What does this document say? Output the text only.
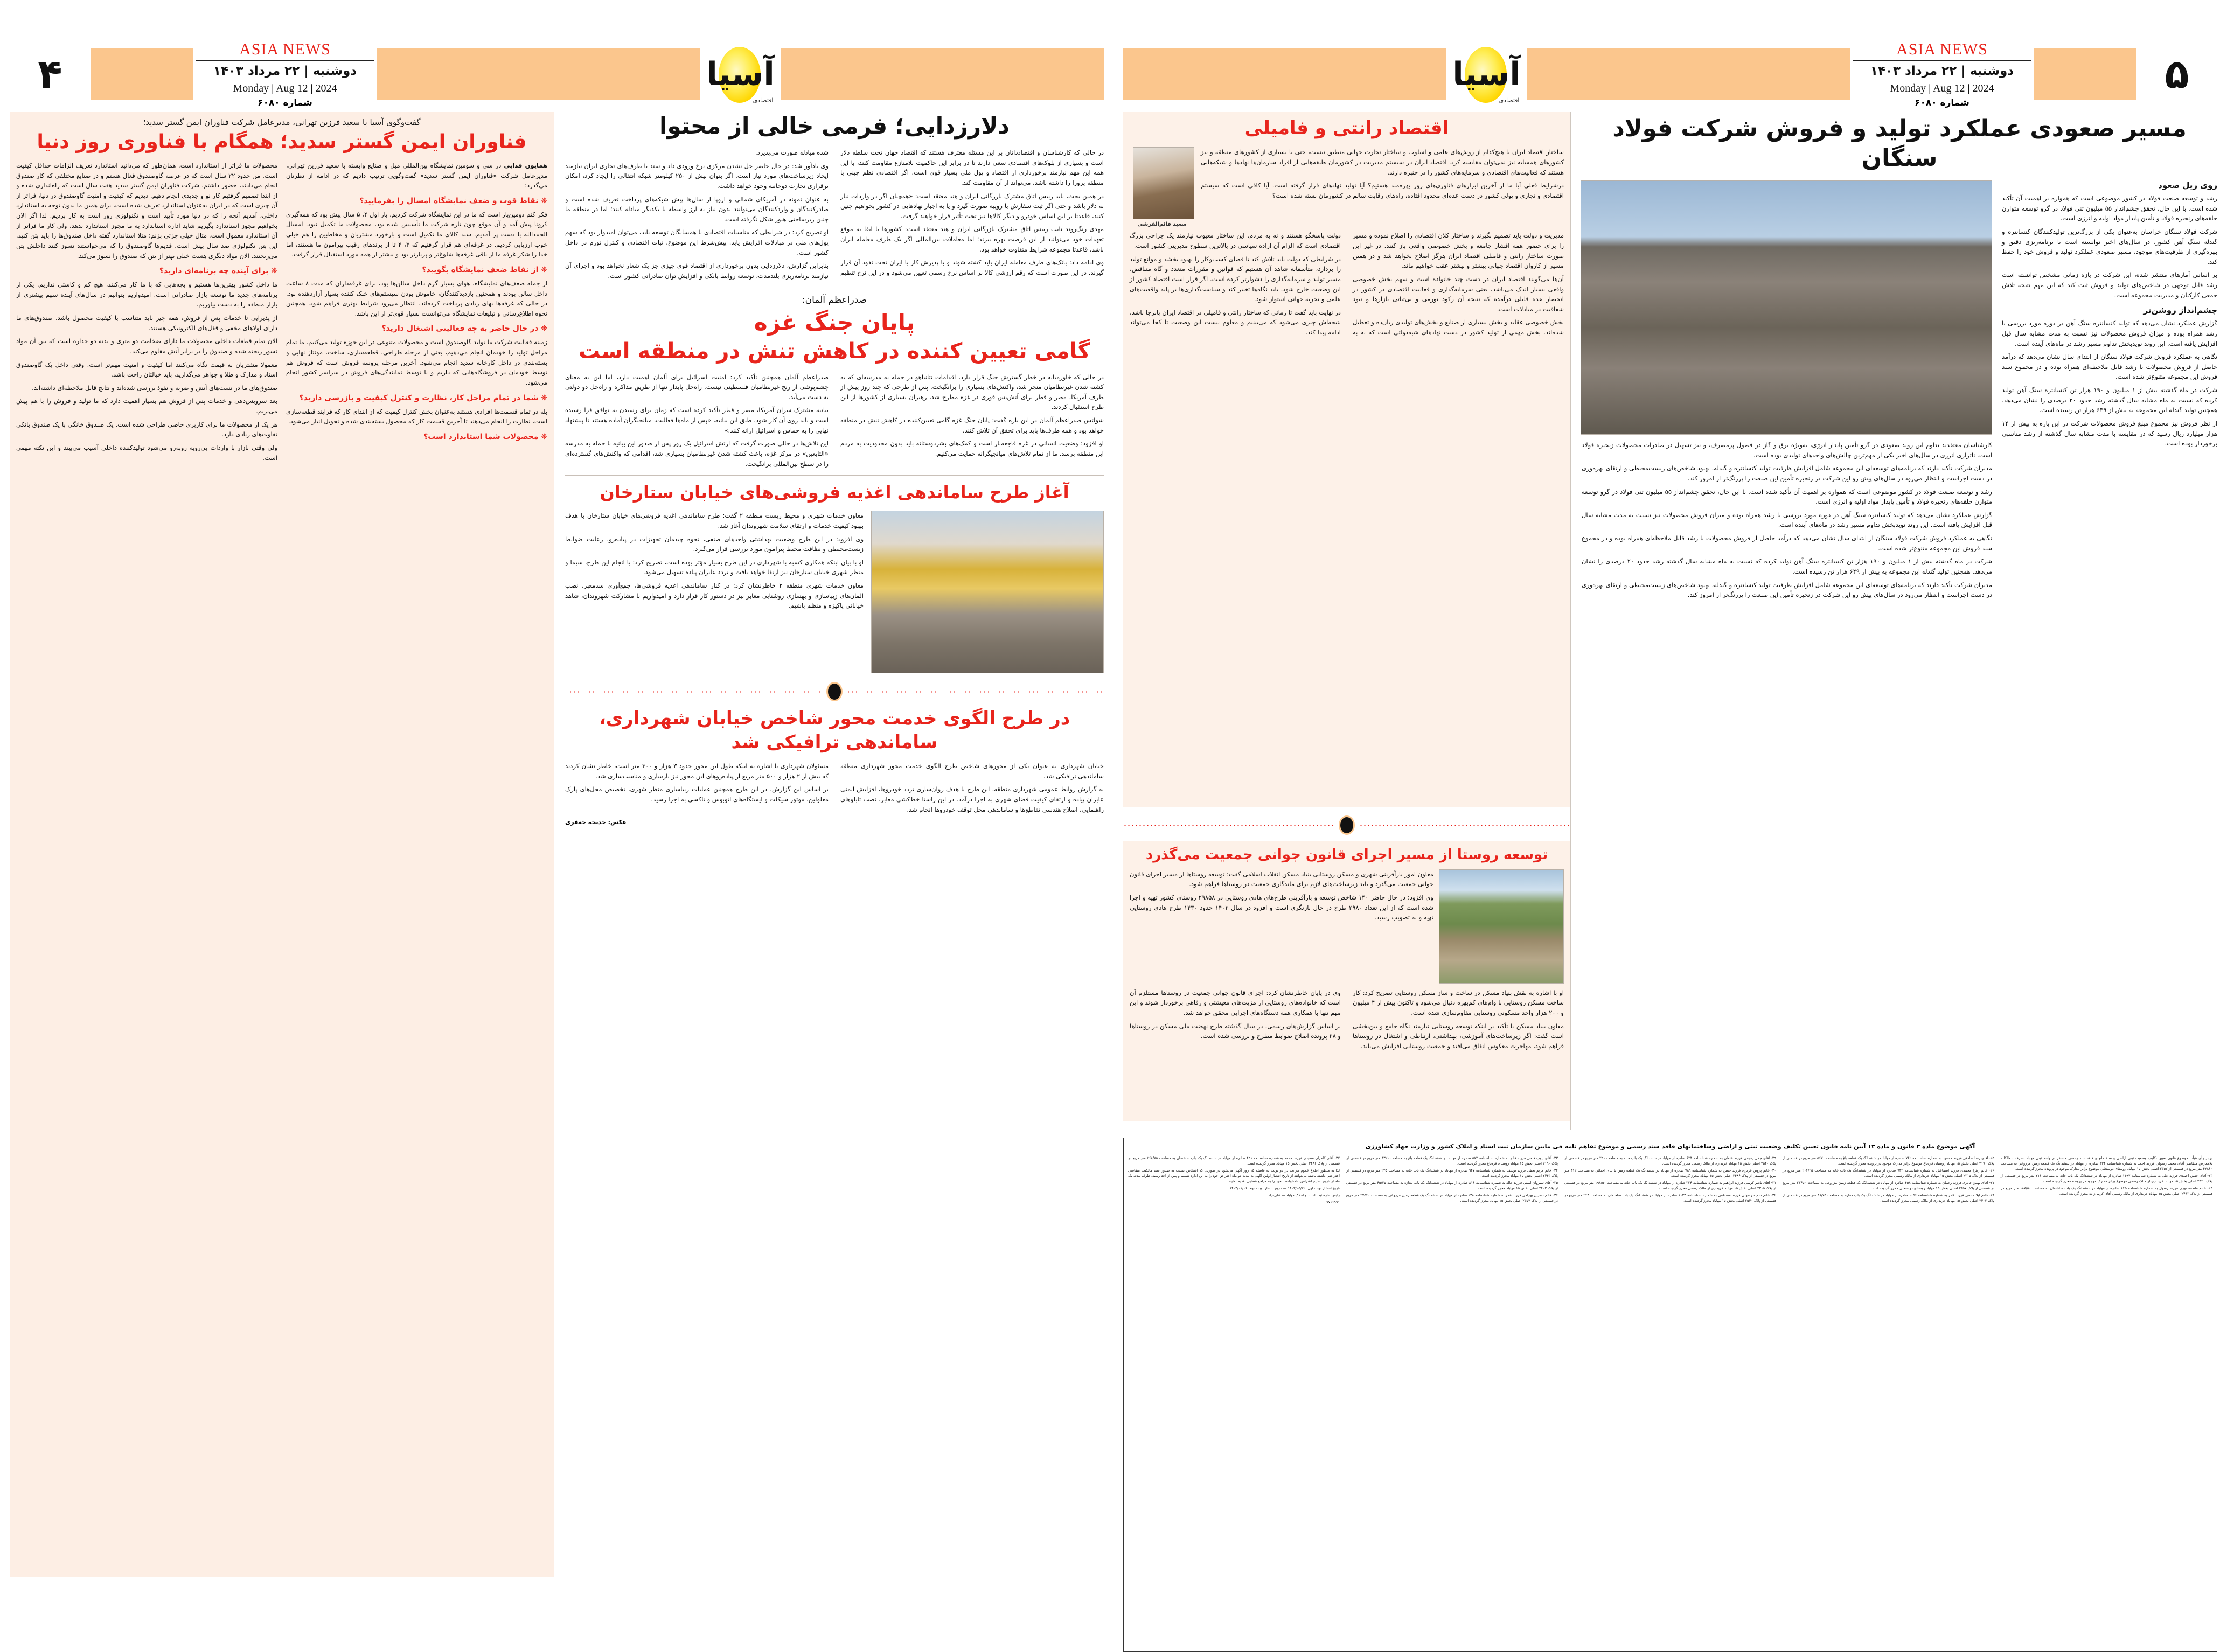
۵
ASIA NEWS
دوشنبه | ۲۲ مرداد ۱۴۰۳
Monday | Aug 12 | 2024
شماره ۶۰۸۰
آسیا
اقتصادی
مسیر صعودی عملکرد تولید و فروش شرکت فولاد سنگان
روی ریل صعود

رشد و توسعه صنعت فولاد در کشور موضوعی است که همواره بر اهمیت آن تأکید شده است. با این حال، تحقق چشم‌انداز ۵۵ میلیون تنی فولاد در گرو توسعه متوازن حلقه‌های زنجیره فولاد و تأمین پایدار مواد اولیه و انرژی است.

شرکت فولاد سنگان خراسان به‌عنوان یکی از بزرگ‌ترین تولیدکنندگان کنسانتره و گندله سنگ آهن کشور، در سال‌های اخیر توانسته است با برنامه‌ریزی دقیق و بهره‌گیری از ظرفیت‌های موجود، مسیر صعودی عملکرد تولید و فروش خود را حفظ کند.

بر اساس آمارهای منتشر شده، این شرکت در بازه زمانی مشخص توانسته است رشد قابل توجهی در شاخص‌های تولید و فروش ثبت کند که این مهم نتیجه تلاش جمعی کارکنان و مدیریت مجموعه است.

چشم‌انداز روشن‌تر

گزارش عملکرد نشان می‌دهد که تولید کنسانتره سنگ آهن در دوره مورد بررسی با رشد همراه بوده و میزان فروش محصولات نیز نسبت به مدت مشابه سال قبل افزایش یافته است. این روند نویدبخش تداوم مسیر رشد در ماه‌های آینده است.

نگاهی به عملکرد فروش شرکت فولاد سنگان از ابتدای سال نشان می‌دهد که درآمد حاصل از فروش محصولات با رشد قابل ملاحظه‌ای همراه بوده و در مجموع سبد فروش این مجموعه متنوع‌تر شده است.

شرکت در ماه گذشته بیش از ۱ میلیون و ۱۹۰ هزار تن کنسانتره سنگ آهن تولید کرده که نسبت به ماه مشابه سال گذشته رشد حدود ۲۰ درصدی را نشان می‌دهد. همچنین تولید گندله این مجموعه به بیش از ۶۴۹ هزار تن رسیده است.

از نظر فروش نیز مجموع مبلغ فروش محصولات شرکت در این بازه به بیش از ۱۴ هزار میلیارد ریال رسید که در مقایسه با مدت مشابه سال گذشته از رشد مناسبی برخوردار بوده است.

کارشناسان معتقدند تداوم این روند صعودی در گرو تأمین پایدار انرژی، به‌ویژه برق و گاز در فصول پرمصرف، و نیز تسهیل در صادرات محصولات زنجیره فولاد است. ناترازی انرژی در سال‌های اخیر یکی از مهم‌ترین چالش‌های واحدهای تولیدی بوده است.

مدیران شرکت تأکید دارند که برنامه‌های توسعه‌ای این مجموعه شامل افزایش ظرفیت تولید کنسانتره و گندله، بهبود شاخص‌های زیست‌محیطی و ارتقای بهره‌وری در دست اجراست و انتظار می‌رود در سال‌های پیش رو این شرکت در زنجیره تأمین این صنعت را پررنگ‌تر از امروز کند.

رشد و توسعه صنعت فولاد در کشور موضوعی است که همواره بر اهمیت آن تأکید شده است. با این حال، تحقق چشم‌انداز ۵۵ میلیون تنی فولاد در گرو توسعه متوازن حلقه‌های زنجیره فولاد و تأمین پایدار مواد اولیه و انرژی است.

گزارش عملکرد نشان می‌دهد که تولید کنسانتره سنگ آهن در دوره مورد بررسی با رشد همراه بوده و میزان فروش محصولات نیز نسبت به مدت مشابه سال قبل افزایش یافته است. این روند نویدبخش تداوم مسیر رشد در ماه‌های آینده است.

نگاهی به عملکرد فروش شرکت فولاد سنگان از ابتدای سال نشان می‌دهد که درآمد حاصل از فروش محصولات با رشد قابل ملاحظه‌ای همراه بوده و در مجموع سبد فروش این مجموعه متنوع‌تر شده است.

شرکت در ماه گذشته بیش از ۱ میلیون و ۱۹۰ هزار تن کنسانتره سنگ آهن تولید کرده که نسبت به ماه مشابه سال گذشته رشد حدود ۲۰ درصدی را نشان می‌دهد. همچنین تولید گندله این مجموعه به بیش از ۶۴۹ هزار تن رسیده است.

مدیران شرکت تأکید دارند که برنامه‌های توسعه‌ای این مجموعه شامل افزایش ظرفیت تولید کنسانتره و گندله، بهبود شاخص‌های زیست‌محیطی و ارتقای بهره‌وری در دست اجراست و انتظار می‌رود در سال‌های پیش رو این شرکت در زنجیره تأمین این صنعت را پررنگ‌تر از امروز کند.

اقتصاد رانتی و فامیلی

ساختار اقتصاد ایران با هیچ‌کدام از روش‌های علمی و اسلوب و ساختار تجارت جهانی منطبق نیست، حتی با بسیاری از کشورهای منطقه و نیز کشورهای همسایه نیز نمی‌توان مقایسه کرد. اقتصاد ایران در سیستم مدیریت در کشورمان طبقه‌هایی از افراد سازمان‌ها نهادها و شبکه‌هایی هستند که فعالیت‌های اقتصادی و سرمایه‌های کشور را در چنبره دارند.

درشرایط فعلی آیا ما از آخرین ابزارهای فناوری‌های روز بهره‌مند هستیم؟ آیا تولید نهادهای قرار گرفته است. آیا کافی است که سیستم اقتصادی و تجاری و پولی کشور در دست عده‌ای محدود افتاده، راه‌های رقابت سالم در کشورمان بسته شده است؟

سعید قائم‌الفرشی

مدیریت و دولت باید تصمیم بگیرند و ساختار کلان اقتصادی را اصلاح نموده و مسیر را برای حضور همه اقشار جامعه و بخش خصوصی واقعی باز کنند. در غیر این صورت ساختار رانتی و فامیلی اقتصاد ایران هرگز اصلاح نخواهد شد و در همین مسیر از کاروان اقتصاد جهانی بیشتر و بیشتر عقب خواهیم ماند.

آن‌ها می‌گویند اقتصاد ایران در دست چند خانواده است و سهم بخش خصوصی واقعی بسیار اندک می‌باشد، یعنی سرمایه‌گذاری و فعالیت اقتصادی در کشور در انحصار عده قلیلی درآمده که نتیجه آن رکود تورمی و بی‌ثباتی بازارها و نبود شفافیت در مبادلات است.

بخش خصوصی عقاید و بخش بسیاری از صنایع و بخش‌های تولیدی زیان‌ده و تعطیل شده‌اند. بخش مهمی از تولید کشور در دست نهادهای شبه‌دولتی است که نه به دولت پاسخگو هستند و نه به مردم. این ساختار معیوب نیازمند یک جراحی بزرگ اقتصادی است که الزام آن اراده سیاسی در بالاترین سطوح مدیریتی کشور است.

در شرایطی که دولت باید تلاش کند تا فضای کسب‌وکار را بهبود بخشد و موانع تولید را بردارد، متأسفانه شاهد آن هستیم که قوانین و مقررات متعدد و گاه متناقض، مسیر تولید و سرمایه‌گذاری را دشوارتر کرده است. اگر قرار است اقتصاد کشور از این وضعیت خارج شود، باید نگاه‌ها تغییر کند و سیاست‌گذاری‌ها بر پایه واقعیت‌های علمی و تجربه جهانی استوار شود.

در نهایت باید گفت تا زمانی که ساختار رانتی و فامیلی در اقتصاد ایران پابرجا باشد، نتیجه‌اش چیزی می‌شود که می‌بینیم و معلوم نیست این وضعیت تا کجا می‌تواند ادامه پیدا کند.

توسعه روستا از مسیر اجرای قانون جوانی جمعیت می‌گذرد

معاون امور بازآفرینی شهری و مسکن روستایی بنیاد مسکن انقلاب اسلامی گفت: توسعه روستاها از مسیر اجرای قانون جوانی جمعیت می‌گذرد و باید زیرساخت‌های لازم برای ماندگاری جمعیت در روستاها فراهم شود.

وی افزود: در حال حاضر ۱۴۰ شاخص توسعه و بازآفرینی طرح‌های هادی روستایی در ۲۹۸۵۸ روستای کشور تهیه و اجرا شده است که از این تعداد ۲۹۸۰ طرح در حال بازنگری است و افزود در سال ۱۴۰۲ حدود ۱۴۳۰ طرح هادی روستایی تهیه و به تصویب رسید.

او با اشاره به نقش بنیاد مسکن در ساخت و ساز مسکن روستایی تصریح کرد: کار ساخت مسکن روستایی با وام‌های کم‌بهره دنبال می‌شود و تاکنون بیش از ۴ میلیون و ۲۰۰ هزار واحد مسکونی روستایی مقاوم‌سازی شده است.

معاون بنیاد مسکن با تأکید بر اینکه توسعه روستایی نیازمند نگاه جامع و بین‌بخشی است گفت: اگر زیرساخت‌های آموزشی، بهداشتی، ارتباطی و اشتغال در روستاها فراهم شود، مهاجرت معکوس اتفاق می‌افتد و جمعیت روستایی افزایش می‌یابد.

وی در پایان خاطرنشان کرد: اجرای قانون جوانی جمعیت در روستاها مستلزم آن است که خانواده‌های روستایی از مزیت‌های معیشتی و رفاهی برخوردار شوند و این مهم تنها با همکاری همه دستگاه‌های اجرایی محقق خواهد شد.

بر اساس گزارش‌های رسمی، در سال گذشته طرح نهضت ملی مسکن در روستاها و ۲۸ پرونده اصلاح ضوابط مطرح و بررسی شده است.

آگهی موضوع ماده ۳ قانون و ماده ۱۳ آیین نامه قانون تعیین تکلیف وضعیت ثبتی و اراضی وساختمانهای فاقد سند رسمی و موضوع تفاهم نامه فی مابین سازمان ثبت اسناد و املاک کشور و وزارت جهاد کشاورزی

برابر رأی هیأت موضوع قانون تعیین تکلیف وضعیت ثبتی اراضی و ساختمانهای فاقد سند رسمی مستقر در واحد ثبتی مهاباد تصرفات مالکانه بلامعارض متقاضی آقای محمد رسولی فرزند احمد به شماره شناسنامه ۳۲۴ صادره از مهاباد در ششدانگ یک قطعه زمین مزروعی به مساحت ۴۲۸۶۰ متر مربع در قسمتی از ۲۳۵۷ اصلی بخش ۱۵ مهاباد روستای دوستعلی موضوع برابر مدارک موجود در پرونده محرز گردیده است.

۲۳- آقای حسن احمدی فرزند علی به شماره شناسنامه ۱۱۹۷ صادره از مهاباد در ششدانگ یک باب خانه به مساحت ۲۱۶ متر مربع در قسمتی از پلاک ۲۵۴۰ اصلی بخش ۱۵ مهاباد خریداری از مالک رسمی موضوع برابر مدارک موجود در پرونده محرز گردیده است.

۲۴- خانم فاطمه نوری فرزند رسول به شماره شناسنامه ۸۴۵ صادره از مهاباد در ششدانگ یک باب ساختمان به مساحت ۱۸۷/۵۰ متر مربع در قسمتی از پلاک ۲۴۴۳ اصلی بخش ۱۵ مهاباد خریداری از مالک رسمی آقای کریم زاده محرز گردیده است.

۲۵- آقای رضا صادقی فرزند محمود به شماره شناسنامه ۷۶۲ صادره از مهاباد در ششدانگ یک قطعه باغ به مساحت ۵۶۷۰ متر مربع در قسمتی از پلاک ۲۱۹۰ اصلی بخش ۱۵ مهاباد روستای قره‌باغ موضوع برابر مدارک موجود در پرونده محرز گردیده است.

۲۶- خانم زهرا محمدی فرزند اسماعیل به شماره شناسنامه ۹۳۲ صادره از مهاباد در ششدانگ یک باب خانه به مساحت ۲۰۴/۲۵ متر مربع در قسمتی از پلاک ۲۳۱۵ اصلی بخش ۱۵ مهاباد خریداری از مالک رسمی محرز گردیده است.

۲۷- آقای بهمن قادری فرزند رحمان به شماره شناسنامه ۴۵۸ صادره از مهاباد در ششدانگ یک قطعه زمین مزروعی به مساحت ۳۱۴۵۰ متر مربع در قسمتی از پلاک ۲۳۵۷ اصلی بخش ۱۵ مهاباد روستای دوستعلی محرز گردیده است.

۲۸- خانم لیلا حسنی فرزند قادر به شماره شناسنامه ۱۰۵۶ صادره از مهاباد در ششدانگ یک باب مغازه به مساحت ۳۸/۷۵ متر مربع در قسمتی از پلاک ۲۴۰۲ اصلی بخش ۱۵ مهاباد خریداری از مالک رسمی محرز گردیده است.

۲۹- آقای جلال رحیمی فرزند عثمان به شماره شناسنامه ۶۲۴ صادره از مهاباد در ششدانگ یک باب خانه به مساحت ۲۵۱ متر مربع در قسمتی از پلاک ۲۵۴۰ اصلی بخش ۱۵ مهاباد خریداری از مالک رسمی محرز گردیده است.

۳۰- خانم پروین عزیزی فرزند حسن به شماره شناسنامه ۷۸۹ صادره از مهاباد در ششدانگ یک قطعه زمین با بنای احداثی به مساحت ۳۱۲ متر مربع در قسمتی از پلاک ۲۴۸۶ اصلی بخش ۱۵ مهاباد محرز گردیده است.

۳۱- آقای ناصر کریمی فرزند ابراهیم به شماره شناسنامه ۳۳۴ صادره از مهاباد در ششدانگ یک باب خانه به مساحت ۱۹۸/۵۰ متر مربع در قسمتی از پلاک ۲۳۱۵ اصلی بخش ۱۵ مهاباد خریداری از مالک رسمی محرز گردیده است.

۳۲- خانم سمیه رسولی فرزند مصطفی به شماره شناسنامه ۱۱۲۳ صادره از مهاباد در ششدانگ یک باب ساختمان به مساحت ۲۴۳ متر مربع در قسمتی از پلاک ۲۵۴۰ اصلی بخش ۱۵ مهاباد محرز گردیده است.

۳۳- آقای ایوب فتحی فرزند قادر به شماره شناسنامه ۵۷۲ صادره از مهاباد در ششدانگ یک قطعه باغ به مساحت ۴۳۲۰ متر مربع در قسمتی از پلاک ۲۱۹۰ اصلی بخش ۱۵ مهاباد روستای قره‌باغ محرز گردیده است.

۳۴- خانم مریم نجفی فرزند یوسف به شماره شناسنامه ۹۴۷ صادره از مهاباد در ششدانگ یک باب خانه به مساحت ۲۲۵ متر مربع در قسمتی از پلاک ۲۴۴۳ اصلی بخش ۱۵ مهاباد محرز گردیده است.

۳۵- آقای سیروان امینی فرزند خالد به شماره شناسنامه ۸۱۶ صادره از مهاباد در ششدانگ یک باب مغازه به مساحت ۴۵/۲۵ متر مربع در قسمتی از پلاک ۲۴۰۲ اصلی بخش ۱۵ مهاباد محرز گردیده است.

۳۶- خانم نسرین بهرامی فرزند عمر به شماره شناسنامه ۶۳۸ صادره از مهاباد در ششدانگ یک قطعه زمین مزروعی به مساحت ۲۷۵۴۰ متر مربع در قسمتی از پلاک ۲۳۵۷ اصلی بخش ۱۵ مهاباد محرز گردیده است.

۳۷- آقای کامران سعیدی فرزند محمد به شماره شناسنامه ۴۹۱ صادره از مهاباد در ششدانگ یک باب ساختمان به مساحت ۲۶۸/۷۵ متر مربع در قسمتی از پلاک ۲۴۸۶ اصلی بخش ۱۵ مهاباد محرز گردیده است.

لذا به منظور اطلاع عموم مراتب در دو نوبت به فاصله ۱۵ روز آگهی می‌شود در صورتی که اشخاص نسبت به صدور سند مالکیت متقاضی اعتراضی داشته باشند می‌توانند از تاریخ انتشار اولین آگهی به مدت دو ماه اعتراض خود را به این اداره تسلیم و پس از اخذ رسید، ظرف مدت یک ماه از تاریخ تسلیم اعتراض، دادخواست خود را به مراجع قضایی تقدیم نمایند.

تاریخ انتشار نوبت اول: ۱۴۰۳/۰۵/۲۲ — تاریخ انتشار نوبت دوم: ۱۴۰۳/۰۶/۰۶

رئیس اداره ثبت اسناد و املاک مهاباد — علی‌نژاد

۷۷۶۶۹۹۱

آسیا
اقتصادی
ASIA NEWS
دوشنبه | ۲۲ مرداد ۱۴۰۳
Monday | Aug 12 | 2024
شماره ۶۰۸۰
۴
دلارزدایی؛ فرمی خالی از محتوا

در حالی که کارشناسان و اقتصاددانان بر این مسئله معترف هستند که اقتصاد جهان تحت سلطه دلار است و بسیاری از بلوک‌های اقتصادی سعی دارند تا در برابر این حاکمیت بلامنازع مقاومت کنند، با این همه این مهم نیازمند برخورداری از اقتصاد و پول ملی بسیار قوی است. اگر اقتصادی نظم چینی یا منطقه پرورا را داشته باشد، می‌تواند از آن مقاومت کند.

در همین بحث، باید رییس اتاق مشترک بازرگانی ایران و هند معتقد است: «همچنان اگر در واردات نیاز به دلار باشد و حتی اگر ثبت سفارش با روپیه صورت گیرد و یا به اجبار نهادهایی در کشور بخواهیم چنین کنند، قاعدتا بر این اساس خودرو و دیگر کالاها نیز تحت تأثیر قرار خواهند گرفت.

مهدی رنگ‌روند نایب رییس اتاق مشترک بازرگانی ایران و هند معتقد است: کشورها با ایفا به موقع تعهدات خود می‌توانند از این فرصت بهره ببرند؛ اما معاملات بین‌المللی اگر یک طرف معامله ایران باشد، قاعدتا مجموعه شرایط متفاوت خواهد بود.

وی ادامه داد: بانک‌های طرف معامله ایران باید کشته شوند و با پذیرش کار با ایران تحت نفوذ آن قرار گیرند. در این صورت است که رقم ارزشی کالا بر اساس نرخ رسمی تعیین می‌شود و در این نرخ تنظیم شده مبادله صورت می‌پذیرد.

وی یادآور شد: در حال حاضر حل نشدن مرکزی نرخ ورودی داد و ستد با طرف‌های تجاری ایران نیازمند ایجاد زیرساخت‌های مورد نیاز است. اگر بتوان بیش از ۲۵۰ کیلومتر شبکه انتقالی را ایجاد کرد، امکان برقراری تجارت دوجانبه وجود خواهد داشت.

به عنوان نمونه در آمریکای شمالی و اروپا از سال‌ها پیش شبکه‌های پرداخت تعریف شده است و صادرکنندگان و واردکنندگان می‌توانند بدون نیاز به ارز واسطه با یکدیگر مبادله کنند؛ اما در منطقه ما چنین زیرساختی هنوز شکل نگرفته است.

او تصریح کرد: در شرایطی که مناسبات اقتصادی با همسایگان توسعه یابد، می‌توان امیدوار بود که سهم پول‌های ملی در مبادلات افزایش یابد. پیش‌شرط این موضوع، ثبات اقتصادی و کنترل تورم در داخل کشور است.

بنابراین گزارش، دلارزدایی بدون برخورداری از اقتصاد قوی چیزی جز یک شعار نخواهد بود و اجرای آن نیازمند برنامه‌ریزی بلندمدت، توسعه روابط بانکی و افزایش توان صادراتی کشور است.

صدراعظم آلمان:
پایان جنگ غزه
گامی تعیین کننده در کاهش تنش در منطقه است

در حالی که خاورمیانه در خطر گسترش جنگ قرار دارد، اقدامات نتانیاهو در حمله به مدرسه‌ای که به کشته شدن غیرنظامیان منجر شد، واکنش‌های بسیاری را برانگیخت. پس از طرحی که چند روز پیش از طرف آمریکا، مصر و قطر برای آتش‌بس فوری در غزه مطرح شد، رهبران بسیاری از کشورها از این طرح استقبال کردند.

شولتس صدراعظم آلمان در این باره گفت: پایان جنگ غزه گامی تعیین‌کننده در کاهش تنش در منطقه خواهد بود و همه طرف‌ها باید برای تحقق آن تلاش کنند.

او افزود: وضعیت انسانی در غزه فاجعه‌بار است و کمک‌های بشردوستانه باید بدون محدودیت به مردم این منطقه برسد. ما از تمام تلاش‌های میانجیگرانه حمایت می‌کنیم.

صدراعظم آلمان همچنین تأکید کرد: امنیت اسرائیل برای آلمان اهمیت دارد، اما این به معنای چشم‌پوشی از رنج غیرنظامیان فلسطینی نیست. راه‌حل پایدار تنها از طریق مذاکره و راه‌حل دو دولتی به دست می‌آید.

بیانیه مشترک سران آمریکا، مصر و قطر تأکید کرده است که زمان برای رسیدن به توافق فرا رسیده است و باید روی آن کار شود. طبق این بیانیه، «پس از ماه‌ها فعالیت، میانجیگران آماده هستند تا پیشنهاد نهایی را به حماس و اسرائیل ارائه کنند.»

این تلاش‌ها در حالی صورت گرفت که ارتش اسرائیل یک روز پس از صدور این بیانیه با حمله به مدرسه «التابعین» در مرکز غزه، باعث کشته شدن غیرنظامیان بسیاری شد، اقدامی که واکنش‌های گسترده‌ای را در سطح بین‌المللی برانگیخت.

آغاز طرح ساماندهی اغذیه فروشی‌های خیابان ستارخان

معاون خدمات شهری و محیط زیست منطقه ۲ گفت: طرح ساماندهی اغذیه فروشی‌های خیابان ستارخان با هدف بهبود کیفیت خدمات و ارتقای سلامت شهروندان آغاز شد.

وی افزود: در این طرح وضعیت بهداشتی واحدهای صنفی، نحوه چیدمان تجهیزات در پیاده‌رو، رعایت ضوابط زیست‌محیطی و نظافت محیط پیرامون مورد بررسی قرار می‌گیرد.

او با بیان اینکه همکاری کسبه با شهرداری در این طرح بسیار مؤثر بوده است، تصریح کرد: با انجام این طرح، سیما و منظر شهری خیابان ستارخان نیز ارتقا خواهد یافت و تردد عابران پیاده تسهیل می‌شود.

معاون خدمات شهری منطقه ۲ خاطرنشان کرد: در کنار ساماندهی اغذیه فروشی‌ها، جمع‌آوری سدمعبر، نصب المان‌های زیباسازی و بهسازی روشنایی معابر نیز در دستور کار قرار دارد و امیدواریم با مشارکت شهروندان، شاهد خیابانی پاکیزه و منظم باشیم.

در طرح الگوی خدمت محور شاخص خیابان شهرداری،
ساماندهی ترافیکی شد

خیابان شهرداری به عنوان یکی از محورهای شاخص طرح الگوی خدمت محور شهرداری منطقه ساماندهی ترافیکی شد.

به گزارش روابط عمومی شهرداری منطقه، این طرح با هدف روان‌سازی تردد خودروها، افزایش ایمنی عابران پیاده و ارتقای کیفیت فضای شهری به اجرا درآمد. در این راستا خط‌کشی معابر، نصب تابلوهای راهنمایی، اصلاح هندسی تقاطع‌ها و ساماندهی محل توقف خودروها انجام شد.

مسئولان شهرداری با اشاره به اینکه طول این محور حدود ۳ هزار و ۳۰۰ متر است، خاطر نشان کردند که بیش از ۲ هزار و ۵۰۰ متر مربع از پیاده‌روهای این محور نیز بازسازی و مناسب‌سازی شد.

بر اساس این گزارش، در این طرح همچنین عملیات زیباسازی منظر شهری، تخصیص محل‌های پارک معلولین، موتور سیکلت و ایستگاه‌های اتوبوس و تاکسی به اجرا رسید.

عکس: خدیجه جعفری
گفت‌وگوی آسیا با سعید فرزین تهرانی، مدیرعامل شرکت فناوران ایمن گستر سدید؛
فناوران ایمن گستر سدید؛ همگام با فناوری روز دنیا

همایون فدایی در سی و سومین نمایشگاه بین‌المللی مبل و صنایع وابسته با سعید فرزین تهرانی، مدیرعامل شرکت «فناوران ایمن گستر سدید» گفت‌وگویی ترتیب دادیم که در ادامه از نظرتان می‌گذرد:

❋ نقاط قوت و ضعف نمایشگاه امسال را بفرمایید؟

فکر کنم دومین‌بار است که ما در این نمایشگاه شرکت کردیم. بار اول ۴، ۵ سال پیش بود که همه‌گیری کرونا پیش آمد و آن موقع چون تازه شرکت ما تأسیس شده بود، محصولات ما تکمیل نبود. امسال الحمدالله با دست پر آمدیم. سبد کالای ما تکمیل است و بازخورد مشتریان و مخاطبین را هم خیلی خوب ارزیابی کردیم. در غرفه‌ای هم قرار گرفتیم که ۳، ۴ تا از برندهای رقیب پیرامون ما هستند، اما خدا را شکر غرفه ما از باقی غرفه‌ها شلوغ‌تر و پربارتر بود و بیشتر از همه مورد استقبال قرار گرفت.

❋ از نقاط ضعف نمایشگاه بگویید؟

از جمله ضعف‌های نمایشگاه، هوای بسیار گرم داخل سالن‌ها بود، برای غرفه‌داران که مدت ۸ ساعت داخل سالن بودند و همچنین بازدیدکنندگان، خاموش بودن سیستم‌های خنک کننده بسیار آزاردهنده بود. در حالی که غرفه‌ها بهای زیادی پرداخت کرده‌اند، انتظار می‌رود شرایط بهتری فراهم شود. همچنین نحوه اطلاع‌رسانی و تبلیغات نمایشگاه می‌توانست بسیار قوی‌تر از این باشد.

❋ در حال حاضر به چه فعالیتی اشتغال دارید؟

زمینه فعالیت شرکت ما تولید گاوصندوق است و محصولات متنوعی در این حوزه تولید می‌کنیم. ما تمام مراحل تولید را خودمان انجام می‌دهیم، یعنی از مرحله طراحی، قطعه‌سازی، ساخت، مونتاژ نهایی و بسته‌بندی در داخل کارخانه سدید انجام می‌شود. آخرین مرحله پروسه فروش است که فروش هم توسط خودمان در فروشگاه‌هایی که داریم و یا توسط نمایندگی‌های فروش در سراسر کشور انجام می‌شود.

❋ شما در تمام مراحل کار، نظارت و کنترل کیفیت و بازرسی دارید؟

بله در تمام قسمت‌ها افرادی هستند به‌عنوان بخش کنترل کیفیت که از ابتدای کار که فرایند قطعه‌سازی است، نظارت را انجام می‌دهند تا آخرین قسمت کار که محصول بسته‌بندی شده و تحویل انبار می‌شود.

❋ محصولات شما استاندارد است؟

محصولات ما فراتر از استاندارد است. همان‌طور که می‌دانید استاندارد تعریف الزامات حداقل کیفیت است. من حدود ۲۲ سال است که در عرصه گاوصندوق فعال هستم و در صنایع مختلفی که کار صندوق انجام می‌دادند، حضور داشتم. شرکت فناوران ایمن گستر سدید هفت سال است که راه‌اندازی شده و از ابتدا تصمیم گرفتیم کار نو و جدیدی انجام دهیم. دیدیم که کیفیت و امنیت گاوصندوق در دنیا، فراتر از آن چیزی است که در ایران به‌عنوان استاندارد تعریف شده است، برای همین ما بدون توجه به استاندارد داخلی، آمدیم آنچه را که در دنیا مورد تأیید است و تکنولوژی روز است به کار بردیم. لذا اگر الان بخواهیم مجوز استاندارد بگیریم شاید اداره استاندارد به ما مجوز استاندارد ندهد، ولی کار ما فراتر از آن استاندارد معمول است. مثال خیلی جزئی بزنم: مثلا استاندارد گفته داخل صندوق‌ها را باید بتن کنید. این بتن تکنولوژی صد سال پیش است. قدیم‌ها گاوصندوق را که می‌خواستند نسوز کنند داخلش بتن می‌ریختند. الان مواد دیگری هست خیلی بهتر از بتن که صندوق را نسوز می‌کند.

❋ برای آینده چه برنامه‌ای دارید؟

ما داخل کشور بهترین‌ها هستیم و بچه‌هایی که با ما کار می‌کنند، هیچ کم و کاستی نداریم. یکی از برنامه‌های جدید ما توسعه بازار صادراتی است. امیدواریم بتوانیم در سال‌های آینده سهم بیشتری از بازار منطقه را به دست بیاوریم.

از پذیرایی تا خدمات پس از فروش، همه چیز باید متناسب با کیفیت محصول باشد. صندوق‌های ما دارای لولاهای مخفی و قفل‌های الکترونیکی هستند.

الان تمام قطعات داخلی محصولات ما دارای ضخامت دو متری و بدنه دو جداره است که بین آن مواد نسوز ریخته شده و صندوق را در برابر آتش مقاوم می‌کند.

معمولا مشتریان به قیمت نگاه می‌کنند اما کیفیت و امنیت مهم‌تر است. وقتی داخل یک گاوصندوق اسناد و مدارک و طلا و جواهر می‌گذارید، باید خیالتان راحت باشد.

صندوق‌های ما در تست‌های آتش و ضربه و نفوذ بررسی شده‌اند و نتایج قابل ملاحظه‌ای داشته‌اند.

بعد سرویس‌دهی و خدمات پس از فروش هم بسیار اهمیت دارد که ما تولید و فروش را با هم پیش می‌بریم.

هر یک از محصولات ما برای کاربری خاصی طراحی شده است. یک صندوق خانگی با یک صندوق بانکی تفاوت‌های زیادی دارد.

ولی وقتی بازار با واردات بی‌رویه روبه‌رو می‌شود تولیدکننده داخلی آسیب می‌بیند و این نکته مهمی است.
